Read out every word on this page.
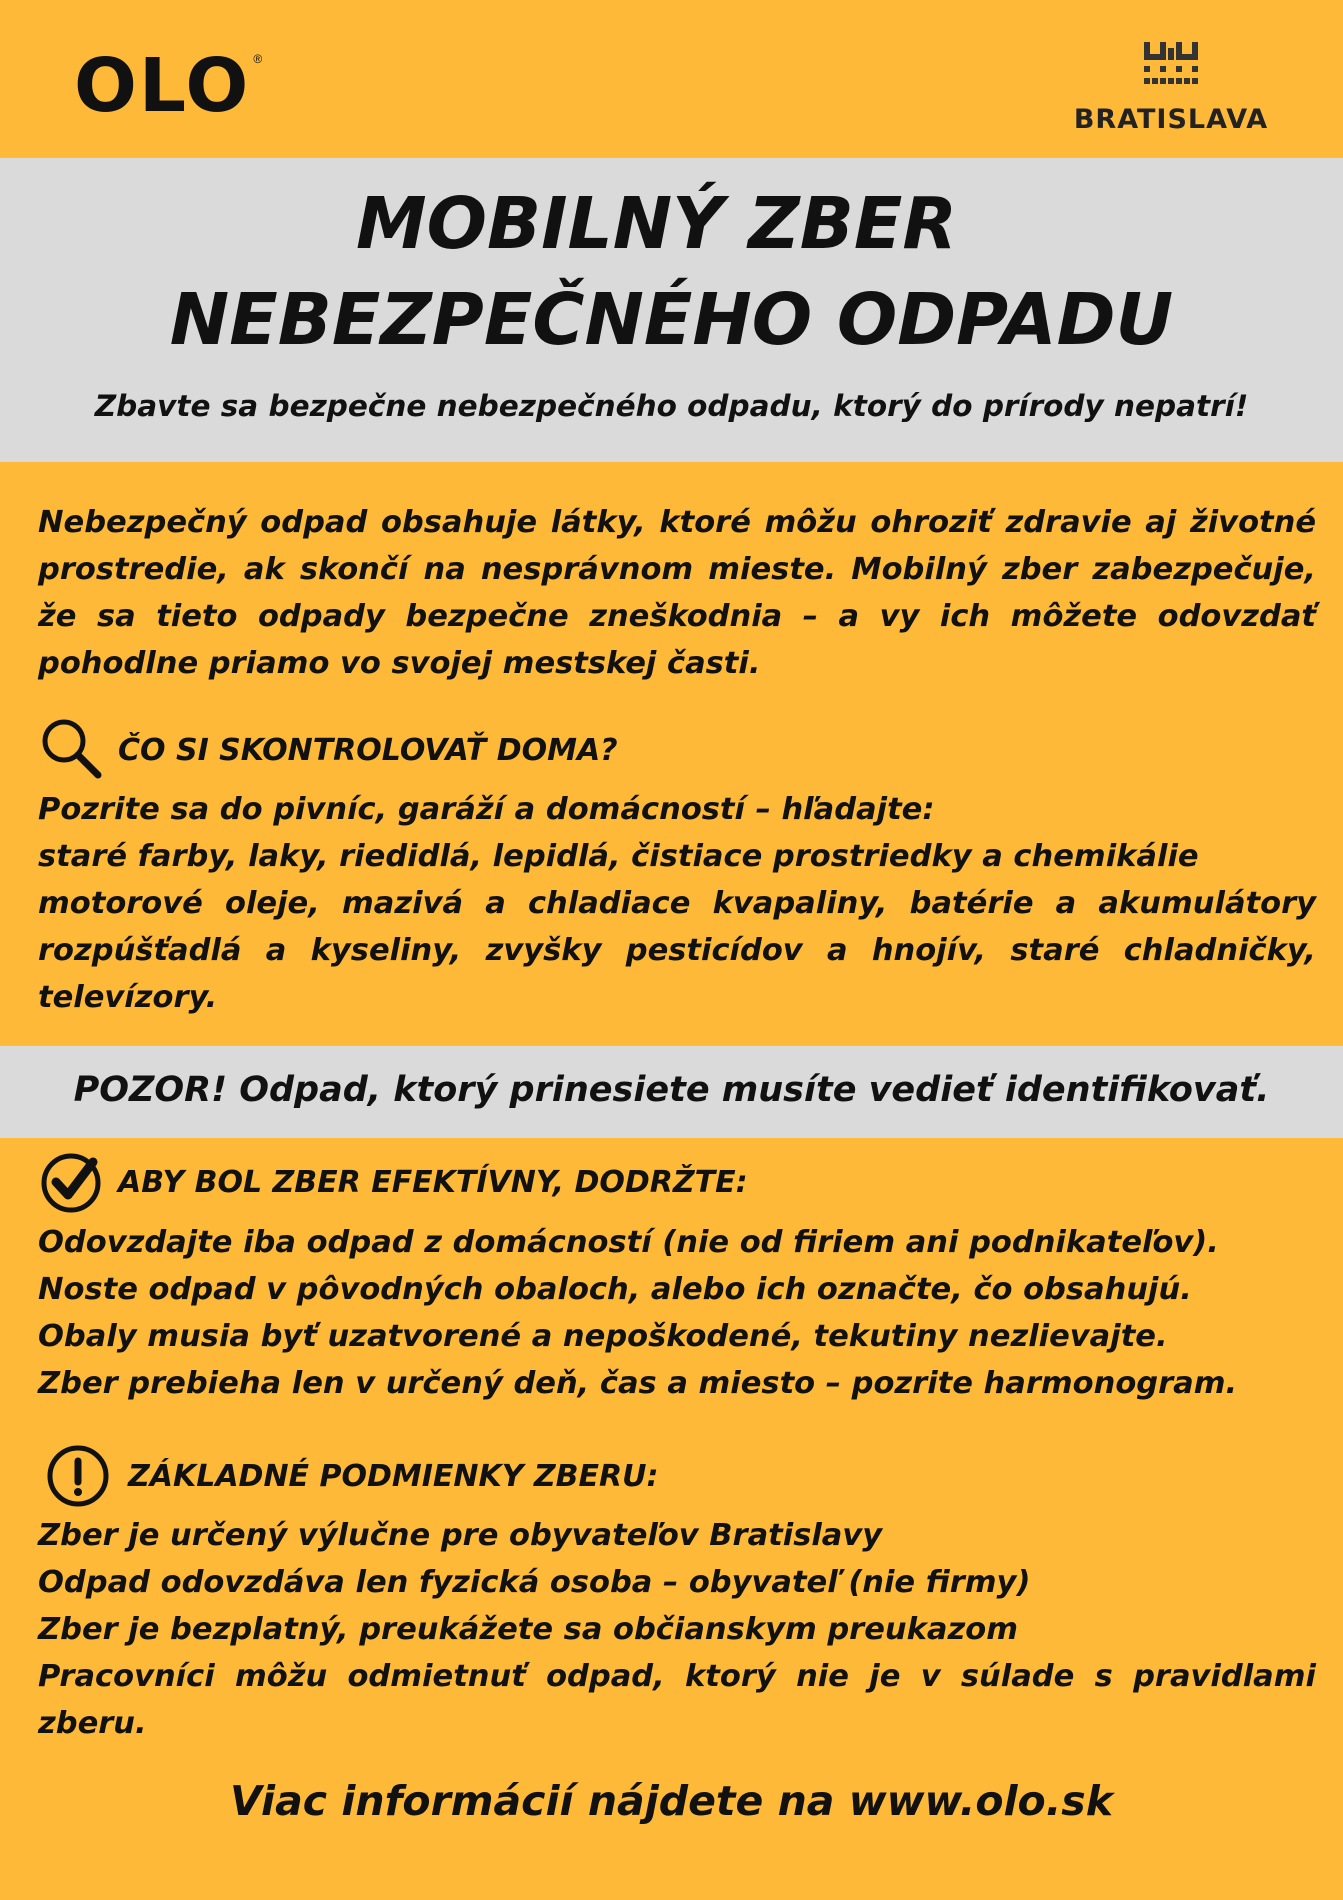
OLO ®
BRATISLAVA
MOBILNÝ ZBER
NEBEZPEČNÉHO ODPADU

Zbavte sa bezpečne nebezpečného odpadu, ktorý do prírody nepatrí!

Nebezpečný odpad obsahuje látky, ktoré môžu ohroziť zdravie aj životné prostredie, ak skončí na nesprávnom mieste. Mobilný zber zabezpečuje, že sa tieto odpady bezpečne zneškodnia – a vy ich môžete odovzdať pohodlne priamo vo svojej mestskej časti.
ČO SI SKONTROLOVAŤ DOMA?
Pozrite sa do pivníc, garáží a domácností – hľadajte:
staré farby, laky, riedidlá, lepidlá, čistiace prostriedky a chemikálie
motorové oleje, mazivá a chladiace kvapaliny, batérie a akumulátory rozpúšťadlá a kyseliny, zvyšky pesticídov a hnojív, staré chladničky, televízory.

POZOR! Odpad, ktorý prinesiete musíte vedieť identifikovať.

ABY BOL ZBER EFEKTÍVNY, DODRŽTE:
Odovzdajte iba odpad z domácností (nie od firiem ani podnikateľov).
Noste odpad v pôvodných obaloch, alebo ich označte, čo obsahujú.
Obaly musia byť uzatvorené a nepoškodené, tekutiny nezlievajte.
Zber prebieha len v určený deň, čas a miesto – pozrite harmonogram.
ZÁKLADNÉ PODMIENKY ZBERU:
Zber je určený výlučne pre obyvateľov Bratislavy
Odpad odovzdáva len fyzická osoba – obyvateľ (nie firmy)
Zber je bezplatný, preukážete sa občianskym preukazom
Pracovníci môžu odmietnuť odpad, ktorý nie je v súlade s pravidlami zberu.

Viac informácií nájdete na www.olo.sk
